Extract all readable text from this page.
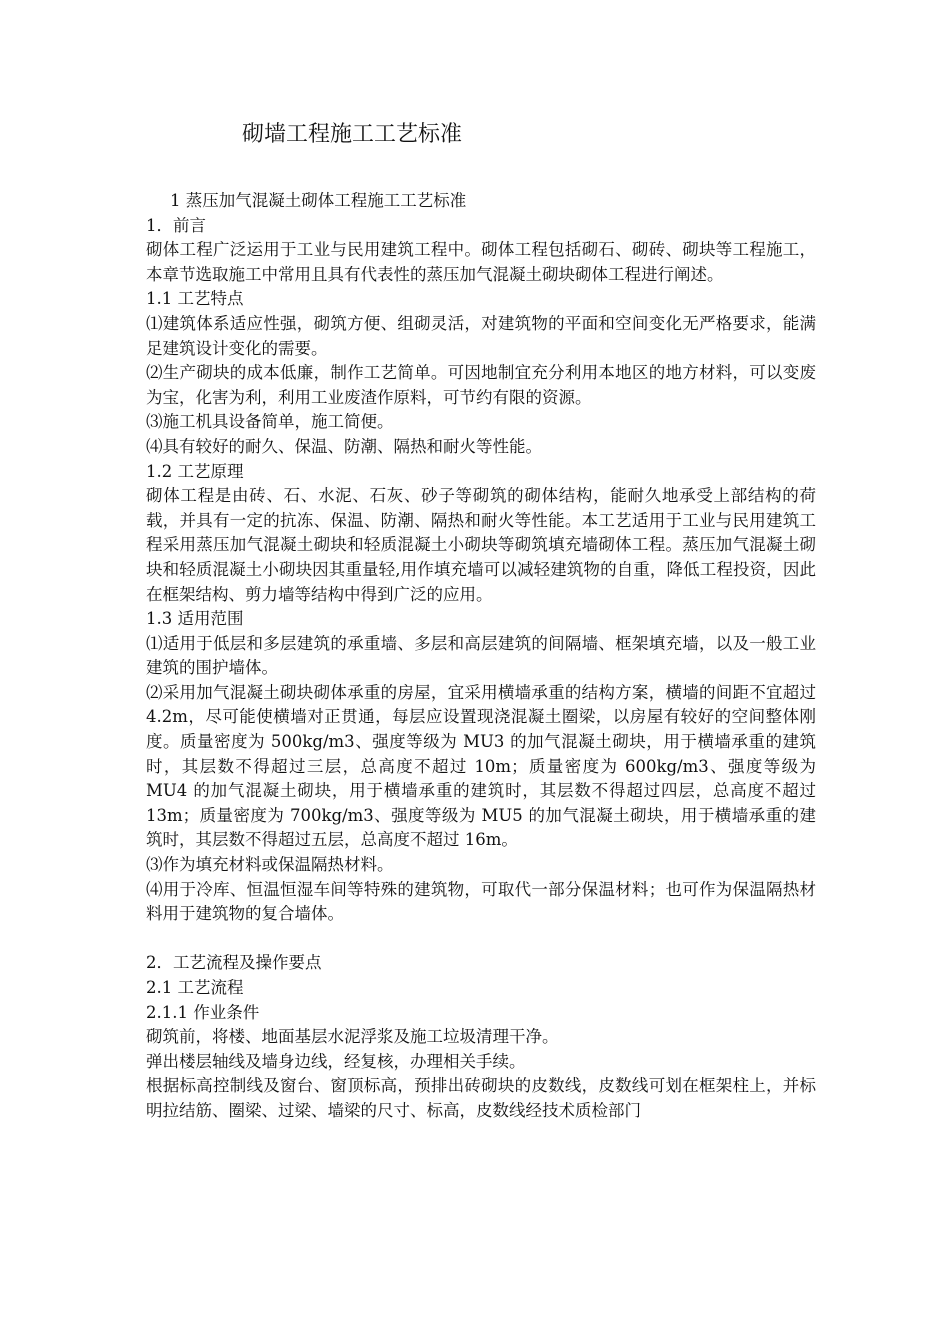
砌墙工程施工工艺标准

1 蒸压加气混凝土砌体工程施工工艺标准

1．前言

砌体工程广泛运用于工业与民用建筑工程中。砌体工程包括砌石、砌砖、砌块等工程施工，本章节选取施工中常用且具有代表性的蒸压加气混凝土砌块砌体工程进行阐述。

1.1 工艺特点

⑴建筑体系适应性强，砌筑方便、组砌灵活，对建筑物的平面和空间变化无严格要求，能满足建筑设计变化的需要。

⑵生产砌块的成本低廉，制作工艺简单。可因地制宜充分利用本地区的地方材料，可以变废为宝，化害为利，利用工业废渣作原料，可节约有限的资源。

⑶施工机具设备简单，施工简便。

⑷具有较好的耐久、保温、防潮、隔热和耐火等性能。

1.2 工艺原理

砌体工程是由砖、石、水泥、石灰、砂子等砌筑的砌体结构，能耐久地承受上部结构的荷载，并具有一定的抗冻、保温、防潮、隔热和耐火等性能。本工艺适用于工业与民用建筑工程采用蒸压加气混凝土砌块和轻质混凝土小砌块等砌筑填充墙砌体工程。蒸压加气混凝土砌块和轻质混凝土小砌块因其重量轻,用作填充墙可以减轻建筑物的自重，降低工程投资，因此在框架结构、剪力墙等结构中得到广泛的应用。

1.3 适用范围

⑴适用于低层和多层建筑的承重墙、多层和高层建筑的间隔墙、框架填充墙，以及一般工业建筑的围护墙体。

⑵采用加气混凝土砌块砌体承重的房屋，宜采用横墙承重的结构方案，横墙的间距不宜超过 4.2m，尽可能使横墙对正贯通，每层应设置现浇混凝土圈梁，以房屋有较好的空间整体刚度。质量密度为 500kg/m3、强度等级为 MU3 的加气混凝土砌块，用于横墙承重的建筑时，其层数不得超过三层，总高度不超过 10m；质量密度为 600kg/m3、强度等级为 MU4 的加气混凝土砌块，用于横墙承重的建筑时，其层数不得超过四层，总高度不超过 13m；质量密度为 700kg/m3、强度等级为 MU5 的加气混凝土砌块，用于横墙承重的建筑时，其层数不得超过五层，总高度不超过 16m。

⑶作为填充材料或保温隔热材料。

⑷用于冷库、恒温恒湿车间等特殊的建筑物，可取代一部分保温材料；也可作为保温隔热材料用于建筑物的复合墙体。

2．工艺流程及操作要点

2.1 工艺流程

2.1.1 作业条件

砌筑前，将楼、地面基层水泥浮浆及施工垃圾清理干净。

弹出楼层轴线及墙身边线，经复核，办理相关手续。

根据标高控制线及窗台、窗顶标高，预排出砖砌块的皮数线，皮数线可划在框架柱上，并标明拉结筋、圈梁、过梁、墙梁的尺寸、标高，皮数线经技术质检部门
